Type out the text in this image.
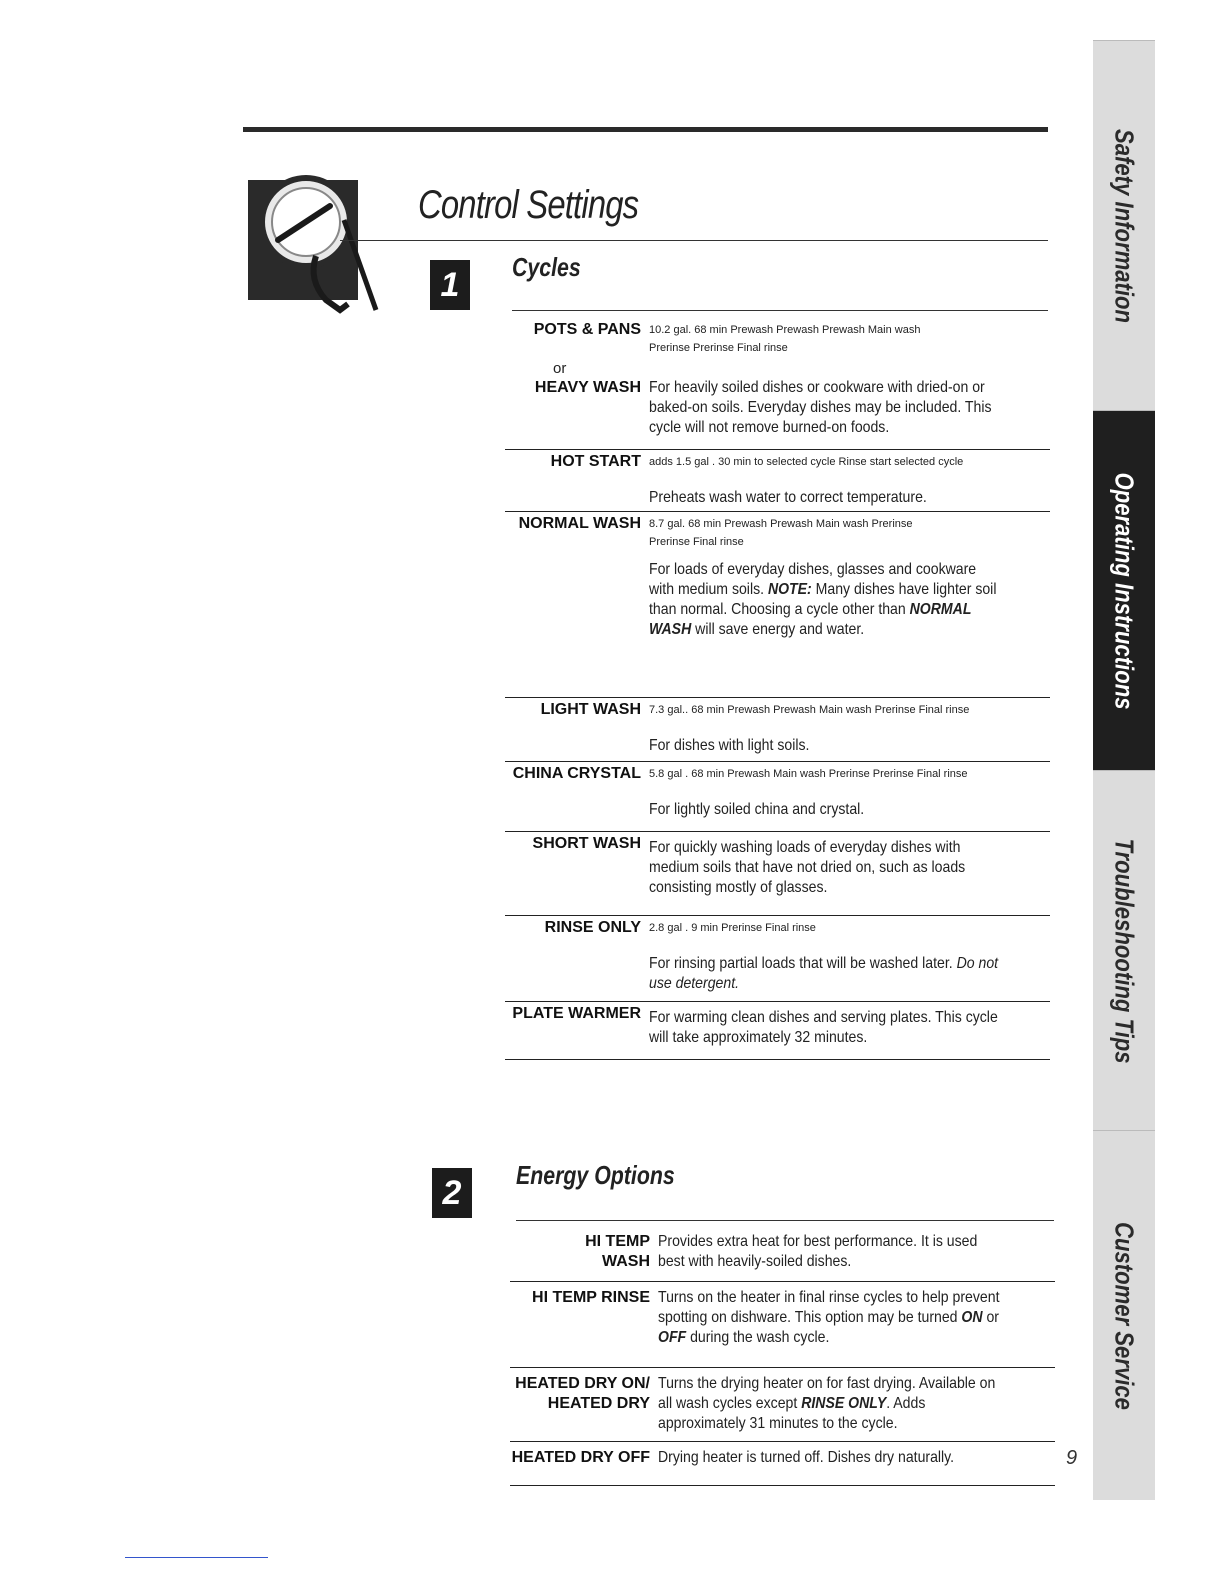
Control Settings
1	Cycles
POTS & PANS
or
HEAVY WASH
10.2 gal. 68 min Prewash Prewash Prewash Main wash
Prerinse Prerinse Final rinse
For heavily soiled dishes or cookware with dried-on or baked-on soils. Everyday dishes may be included. This cycle will not remove burned-on foods.
HOT START adds 1.5 gal . 30 min to selected cycle Rinse start selected cycle
Preheats wash water to correct temperature.
NORMAL WASH 8.7 gal. 68 min Prewash Prewash Main wash Prerinse
Prerinse Final rinse
For loads of everyday dishes, glasses and cookware with medium soils. NOTE: Many dishes have lighter soil than normal. Choosing a cycle other than NORMAL WASH will save energy and water.
LIGHT WASH 7.3 gal.. 68 min Prewash Prewash Main wash Prerinse Final rinse
For dishes with light soils.
CHINA CRYSTAL 5.8 gal . 68 min Prewash Main wash Prerinse Prerinse Final rinse
For lightly soiled china and crystal.
SHORT WASH For quickly washing loads of everyday dishes with medium soils that have not dried on, such as loads consisting mostly of glasses.
RINSE ONLY 2.8 gal . 9 min Prerinse Final rinse
For rinsing partial loads that will be washed later. Do not use detergent.
PLATE WARMER For warming clean dishes and serving plates. This cycle will take approximately 32 minutes.
2	Energy Options
HI TEMP
WASH
Provides extra heat for best performance. It is used best with heavily-soiled dishes.
HI TEMP RINSE Turns on the heater in final rinse cycles to help prevent spotting on dishware. This option may be turned ON or OFF during the wash cycle.
HEATED DRY ON/
HEATED DRY
Turns the drying heater on for fast drying. Available on all wash cycles except RINSE ONLY. Adds approximately 31 minutes to the cycle.
HEATED DRY OFF Drying heater is turned off. Dishes dry naturally.
Safety Information
Operating Instructions
Troubleshooting Tips
Customer Service
9
